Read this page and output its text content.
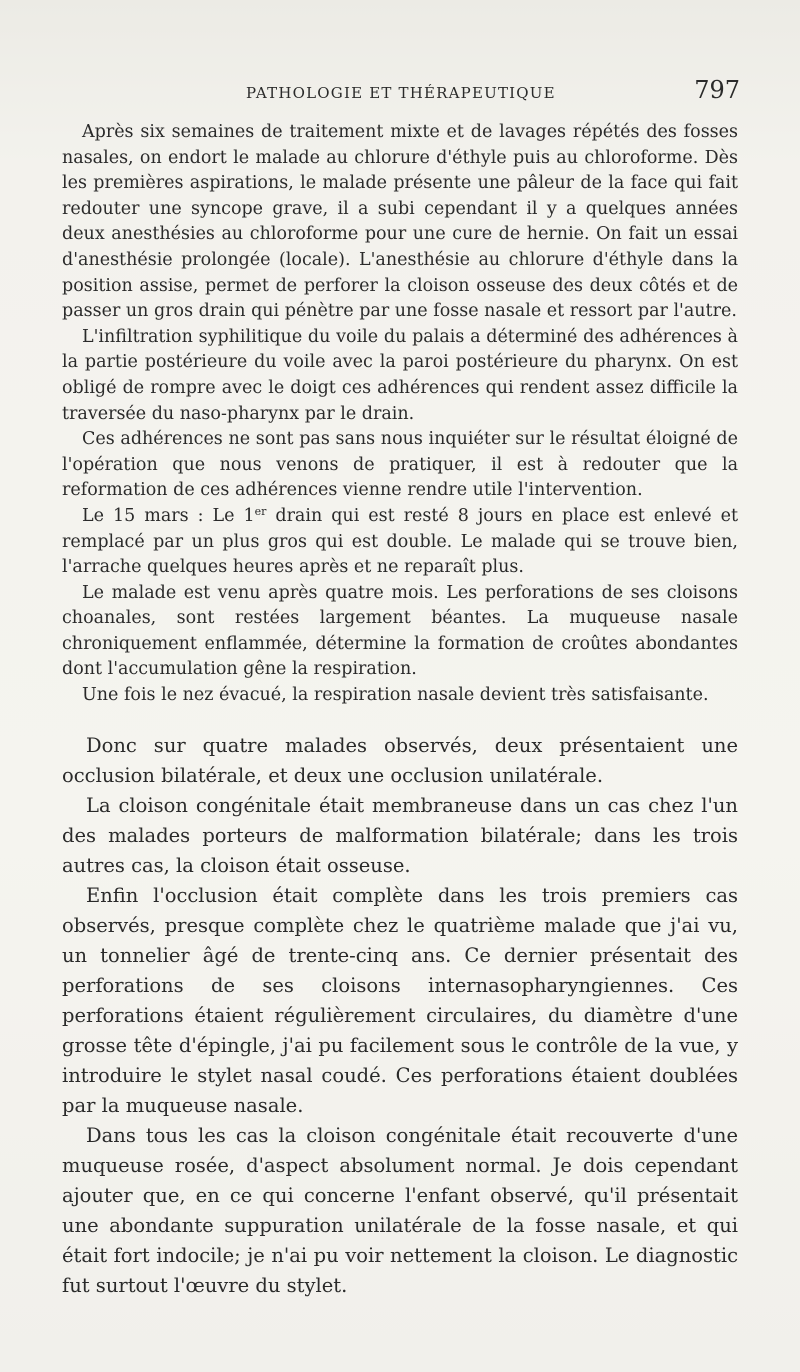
PATHOLOGIE ET THÉRAPEUTIQUE	797

Après six semaines de traitement mixte et de lavages répétés des fosses nasales, on endort le malade au chlorure d'éthyle puis au chloroforme. Dès les premières aspirations, le malade présente une pâleur de la face qui fait redouter une syncope grave, il a subi cependant il y a quelques années deux anesthésies au chloroforme pour une cure de hernie. On fait un essai d'anesthésie prolongée (locale). L'anesthésie au chlorure d'éthyle dans la position assise, permet de perforer la cloison osseuse des deux côtés et de passer un gros drain qui pénètre par une fosse nasale et ressort par l'autre.

L'infiltration syphilitique du voile du palais a déterminé des adhérences à la partie postérieure du voile avec la paroi postérieure du pharynx. On est obligé de rompre avec le doigt ces adhérences qui rendent assez difficile la traversée du naso-pharynx par le drain.

Ces adhérences ne sont pas sans nous inquiéter sur le résultat éloigné de l'opération que nous venons de pratiquer, il est à redouter que la reformation de ces adhérences vienne rendre utile l'intervention.

Le 15 mars : Le 1er drain qui est resté 8 jours en place est enlevé et remplacé par un plus gros qui est double. Le malade qui se trouve bien, l'arrache quelques heures après et ne reparaît plus.

Le malade est venu après quatre mois. Les perforations de ses cloisons choanales, sont restées largement béantes. La muqueuse nasale chroniquement enflammée, détermine la formation de croûtes abondantes dont l'accumulation gêne la respiration.

Une fois le nez évacué, la respiration nasale devient très satisfaisante.

Donc sur quatre malades observés, deux présentaient une occlusion bilatérale, et deux une occlusion unilatérale.

La cloison congénitale était membraneuse dans un cas chez l'un des malades porteurs de malformation bilatérale; dans les trois autres cas, la cloison était osseuse.

Enfin l'occlusion était complète dans les trois premiers cas observés, presque complète chez le quatrième malade que j'ai vu, un tonnelier âgé de trente-cinq ans. Ce dernier présentait des perforations de ses cloisons internasopharyngiennes. Ces perforations étaient régulièrement circulaires, du diamètre d'une grosse tête d'épingle, j'ai pu facilement sous le contrôle de la vue, y introduire le stylet nasal coudé. Ces perforations étaient doublées par la muqueuse nasale.

Dans tous les cas la cloison congénitale était recouverte d'une muqueuse rosée, d'aspect absolument normal. Je dois cependant ajouter que, en ce qui concerne l'enfant observé, qu'il présentait une abondante suppuration unilatérale de la fosse nasale, et qui était fort indocile; je n'ai pu voir nettement la cloison. Le diagnostic fut surtout l'œuvre du stylet.
